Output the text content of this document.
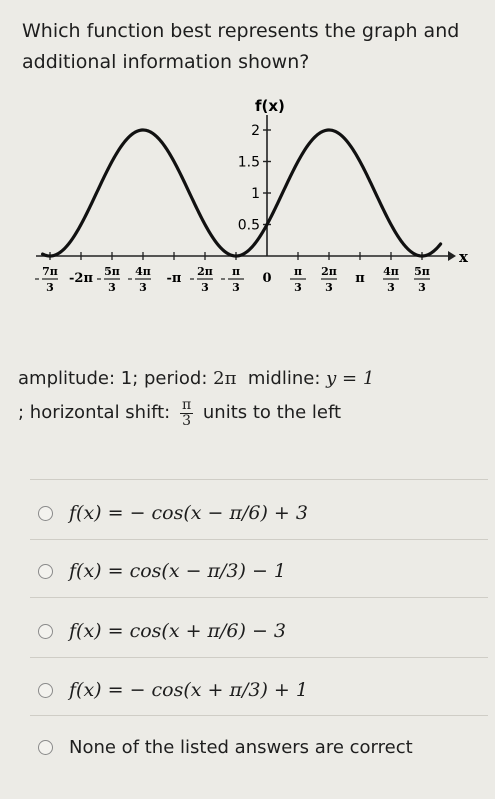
Which function best represents the graph and additional information shown?
x
f(x)
2
1.5
1
0.5
7π
3
-2π 5π
3
4π
3
-π 2π
3
π
3
0 π
3
2π
3
π 4π
3
5π
3
amplitude: 1; period: 2π midline: y = 1
; horizontal shift: $\frac{\pi}{3}$ units to the left
f(x) = − cos(x − π/6) + 3
f(x) = cos(x − π/3) − 1
f(x) = cos(x + π/6) − 3
f(x) = − cos(x + π/3) + 1
None of the listed answers are correct
